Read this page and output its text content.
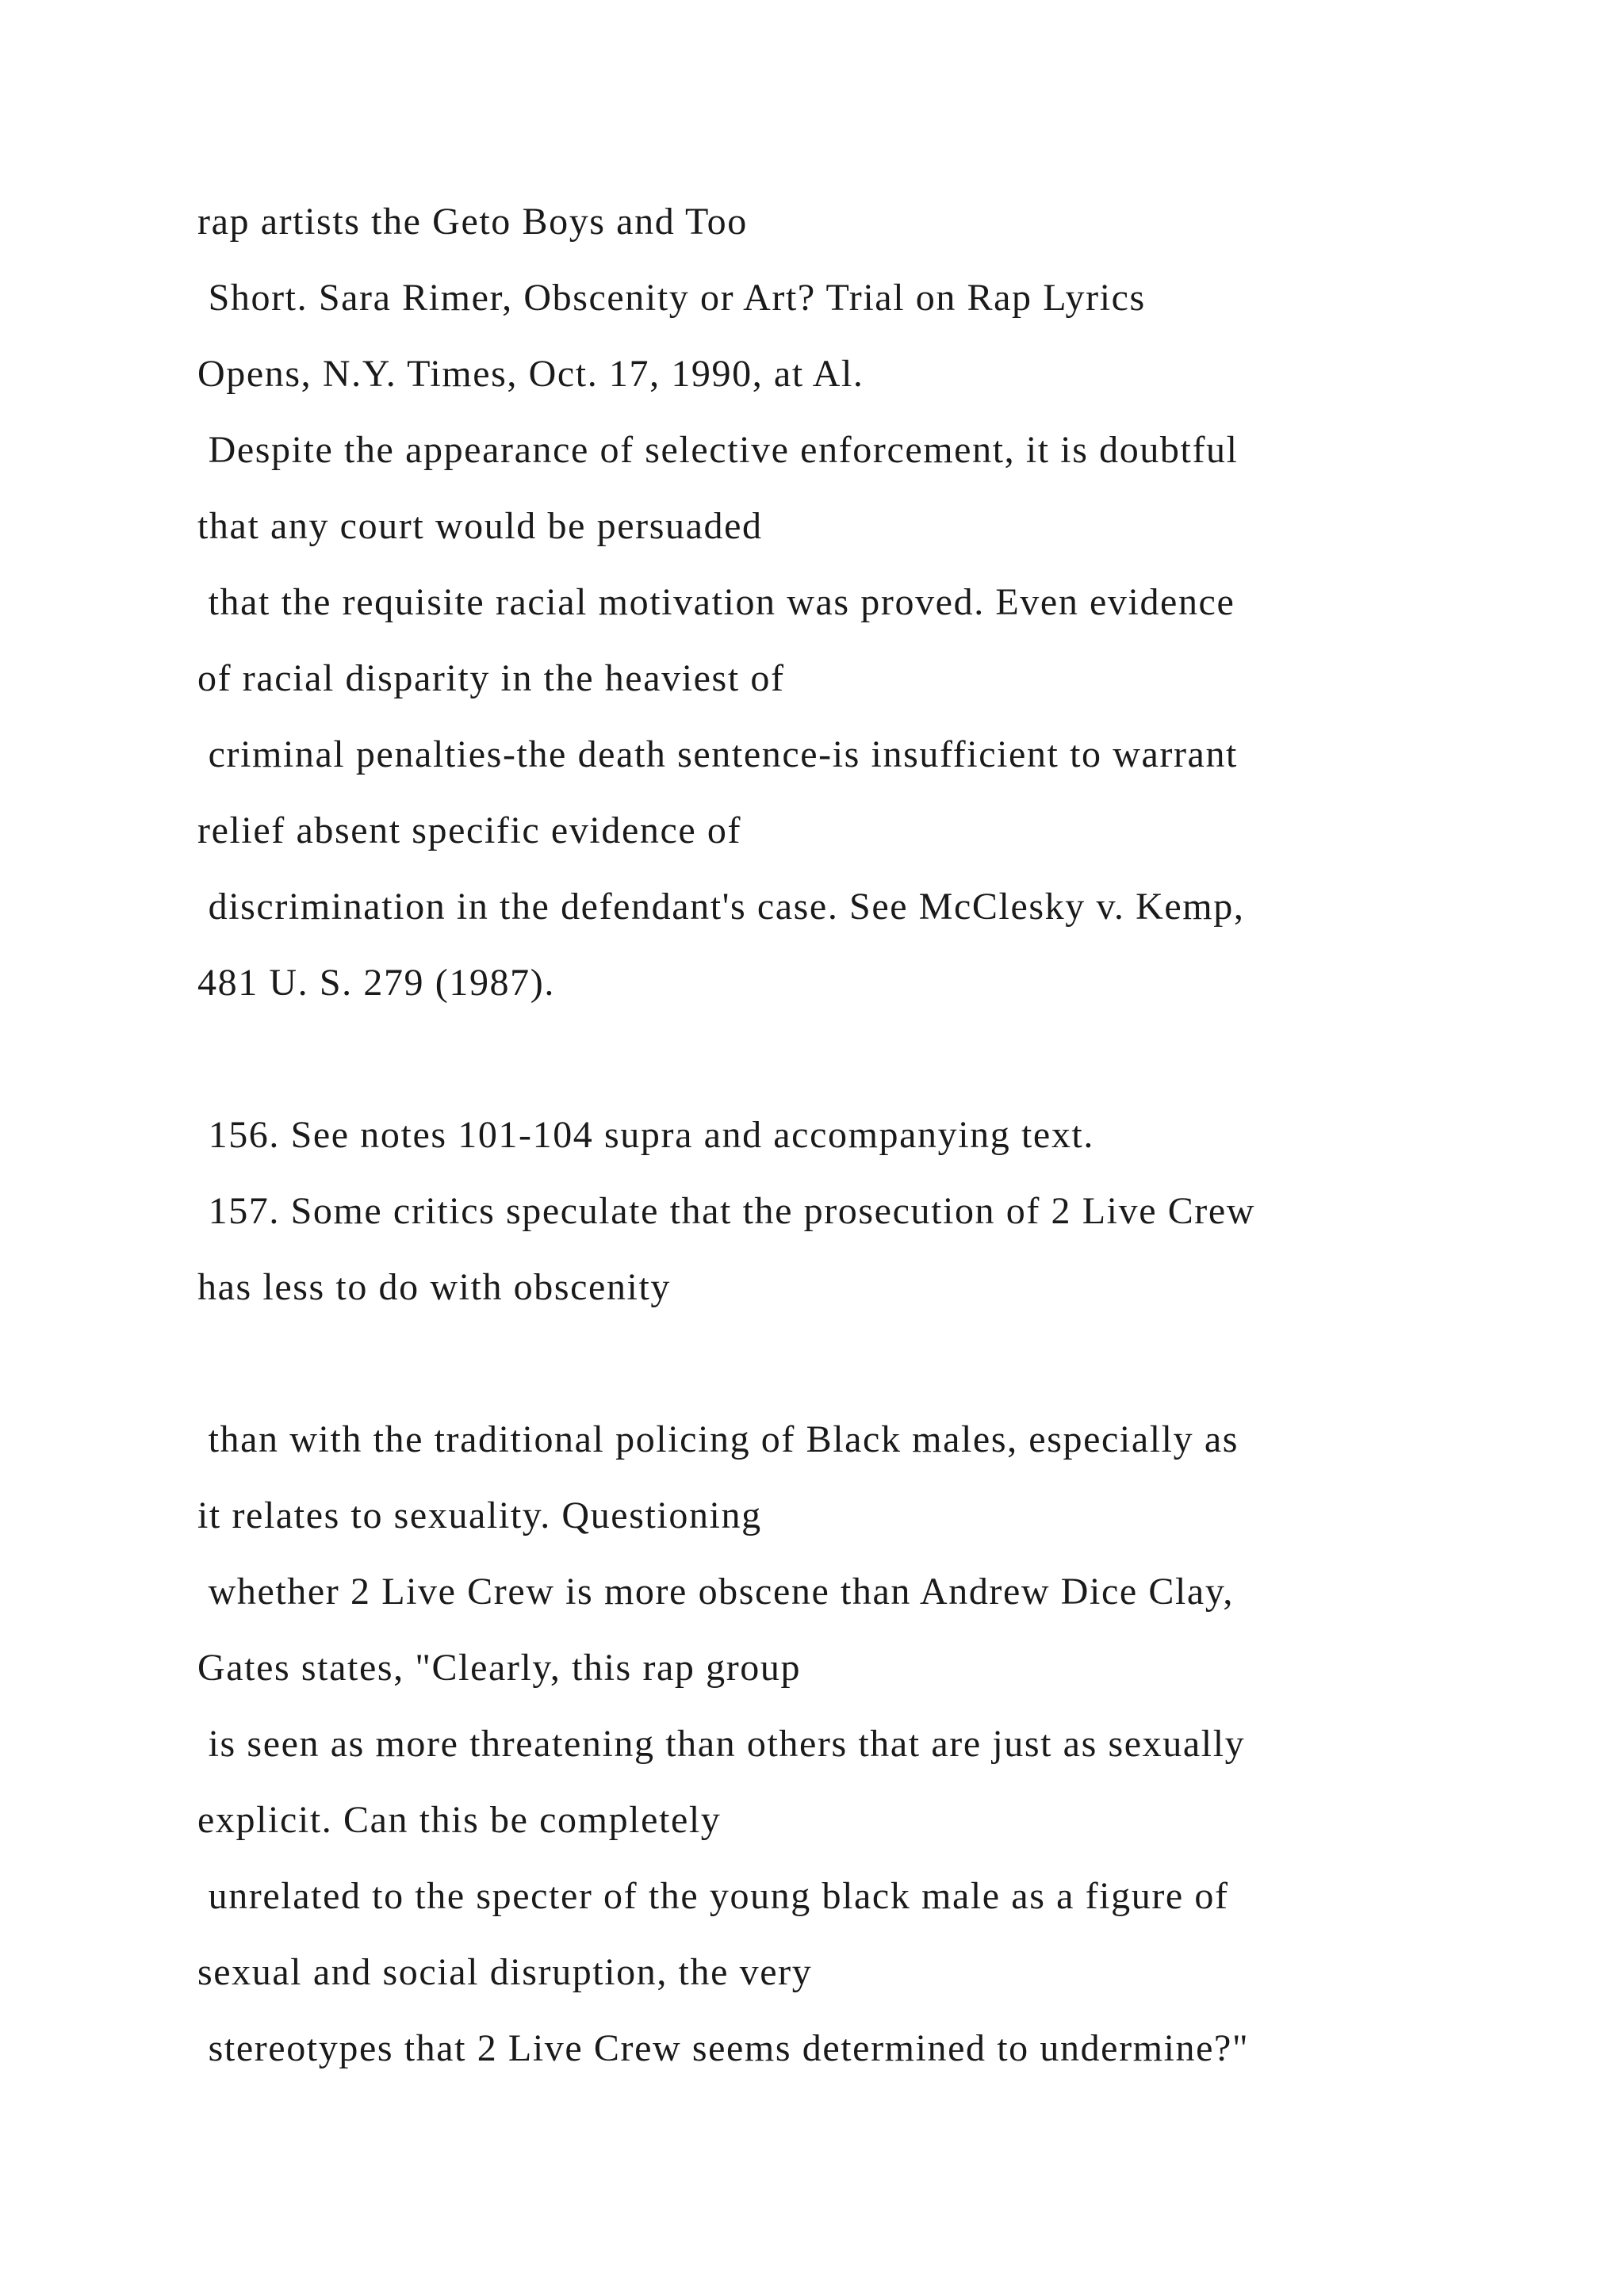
rap artists the Geto Boys and Too
Short. Sara Rimer, Obscenity or Art? Trial on Rap Lyrics
Opens, N.Y. Times, Oct. 17, 1990, at Al.
Despite the appearance of selective enforcement, it is doubtful
that any court would be persuaded
that the requisite racial motivation was proved. Even evidence
of racial disparity in the heaviest of
criminal penalties-the death sentence-is insufficient to warrant
relief absent specific evidence of
discrimination in the defendant's case. See McClesky v. Kemp,
481 U. S. 279 (1987).
156. See notes 101-104 supra and accompanying text.
157. Some critics speculate that the prosecution of 2 Live Crew
has less to do with obscenity
than with the traditional policing of Black males, especially as
it relates to sexuality. Questioning
whether 2 Live Crew is more obscene than Andrew Dice Clay,
Gates states, "Clearly, this rap group
is seen as more threatening than others that are just as sexually
explicit. Can this be completely
unrelated to the specter of the young black male as a figure of
sexual and social disruption, the very
stereotypes that 2 Live Crew seems determined to undermine?"
